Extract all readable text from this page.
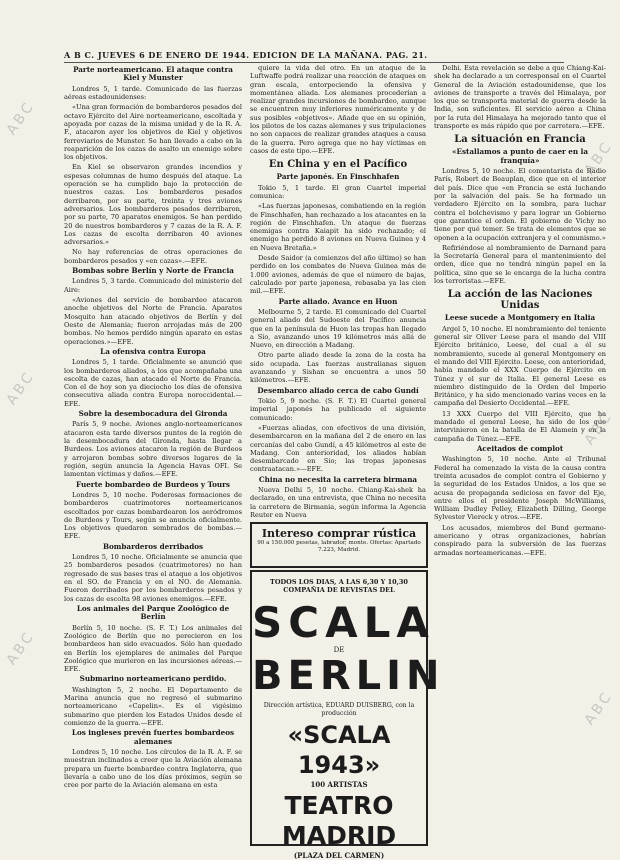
A B C. JUEVES 6 DE ENERO DE 1944. EDICION DE LA MAÑANA. PAG. 21.
Parte norteamericano. El ataque contra Kiel y Munster

Londres 5, 1 tarde. Comunicado de las fuerzas aéreas estadounidenses:

«Una gran formación de bombarderos pesados del octavo Ejército del Aire norteamericano, escoltada y apoyada por cazas de la misma unidad y de la R. A. F., atacaron ayer los objetivos de Kiel y objetivos ferroviarios de Munster. Se han llevado a cabo en la reaparición de los cazas de asalto un enemigo sobre los objetivos.

En Kiel se observaron grandes incendios y espesas columnas de humo después del ataque. La operación se ha cumplido bajo la protección de nuestros cazas. Los bombarderos pesados derribaron, por su parte, treinta y tres aviones adversarios. Los bombarderos pesados derribaron, por su parte, 70 aparatos enemigos. Se han perdido 20 de nuestros bombarderos y 7 cazas de la R. A. F. Los cazas de escolta derribaron 40 aviones adversarios.»

No hay referencias de otras operaciones de bombarderos pesados y «en cazas».—EFE.

Bombas sobre Berlín y Norte de Francia

Londres 5, 3 tarde. Comunicado del ministerio del Aire:

«Aviones del servicio de bombardeo atacaron anoche objetivos del Norte de Francia. Aparatos Mosquito han atacado objetivos de Berlín y del Oeste de Alemania; fueron arrojadas más de 200 bombas. No hemos perdido ningún aparato en estas operaciones.»—EFE.

La ofensiva contra Europa

Londres 5, 1 tarde. Oficialmente se anunció que los bombarderos aliados, a los que acompañaba una escolta de cazas, han atacado el Norte de Francia. Con el de hoy son ya dieciocho los días de ofensiva consecutiva aliada contra Europa noroccidental.—EFE.

Sobre la desembocadura del Gironda

París 5, 9 noche. Aviones anglo-norteamericanos atacaron esta tarde diversos puntos de la región de la desembocadura del Gironda, hasta llegar a Burdeos. Los aviones atacaron la región de Burdeos y arrojaron bombas sobre diversos lugares de la región, según anuncia la Agencia Havas OFI. Se lamentan víctimas y daños.—EFE.

Fuerte bombardeo de Burdeos y Tours

Londres 5, 10 noche. Poderosas formaciones de bombarderos cuatrimotores norteamericanos escoltados por cazas bombardearon los aeródromos de Burdeos y Tours, según se anuncia oficialmente. Los objetivos quedaron sembrados de bombas.—EFE.

Bombarderos derribados

Londres 5, 10 noche. Oficialmente se anuncia que 25 bombarderos pesados (cuatrimotores) no han regresado de sus bases tras el ataque a los objetivos en el SO. de Francia y en el NO. de Alemania. Fueron derribados por los bombarderos pesados y los cazas de escolta 98 aviones enemigos.—EFE.

Los animales del Parque Zoológico de Berlín

Berlín 5, 10 noche. (S. F. T.) Los animales del Zoológico de Berlín que no perecieron en los bombardeos han sido evacuados. Sólo han quedado en Berlín los ejemplares de animales del Parque Zoológico que murieron en las incursiones aéreas.—EFE.

Submarino norteamericano perdido.

Washington 5, 2 noche. El Departamento de Marina anuncia que no regresó el submarino norteamericano «Capelin». Es el vigésimo submarino que pierden los Estados Unidos desde el comienzo de la guerra.—EFE.

Los ingleses prevén fuertes bombardeos alemanes

Londres 5, 10 noche. Los círculos de la R. A. F. se muestran inclinados a creer que la Aviación alemana prepara un fuerte bombardeo contra Inglaterra, que llevaría a cabo uno de los días próximos, según se cree por parte de la Aviación alemana en esta

quiere la vida del otro. En un ataque de la Luftwaffe podrá realizar una reacción de ataques en gran escala, entorpeciendo la ofensiva y momentánea aliada. Los alemanes procederían a realizar grandes incursiones de bombardeo, aunque se encuentren muy inferiores numéricamente y de sus posibles «objetivos». Añade que en su opinión, los pilotos de los cazas alemanes y sus tripulaciones no son capaces de realizar grandes ataques a causa de la guerra. Pero agrega que no hay víctimas en casos de este tipo.—EFE.

En China y en el Pacífico
Parte japonés. En Finschhafen

Tokio 5, 1 tarde. El gran Cuartel imperial comunica:

«Las fuerzas japonesas, combatiendo en la región de Finschhafen, han rechazado a los atacantes en la región de Finschhafen. Un ataque de fuerzas enemigas contra Kaiapit ha sido rechazado; el enemigo ha perdido 8 aviones en Nueva Guinea y 4 en Nueva Bretaña.»

Desde Saidor (a comienzos del año último) se han perdido en los combates de Nueva Guinea más de 1.000 aviones, además de que el número de bajas, calculado por parte japonesa, rebasaba ya las cien mil.—EFE.

Parte aliado. Avance en Huon

Melbourne 5, 2 tarde. El comunicado del Cuartel general aliado del Sudoeste del Pacífico anuncia que en la península de Huon las tropas han llegado a Sio, avanzando unos 19 kilómetros más allá de Nuevo, en dirección a Madang.

Otro parte aliado desde la zona de la costa ha sido ocupada. Las fuerzas australianas siguen avanzando y Sishan se encuentra a unos 50 kilómetros.—EFE.

Desembarco aliado cerca de cabo Gundí

Tokio 5, 9 noche. (S. F. T.) El Cuartel general imperial japonés ha publicado el siguiente comunicado:

«Fuerzas aliadas, con efectivos de una división, desembarcaron en la mañana del 2 de enero en las cercanías del cabo Gundí, a 45 kilómetros al este de Madang. Con anterioridad, los aliados habían desembarcado en Sio; las tropas japonesas contraatacan.»—EFE.

China no necesita la carretera birmana

Nueva Delhi 5, 10 noche. Chiang-Kai-shek ha declarado, en una entrevista, que China no necesita la carretera de Birmania, según informa la Agencia Reuter en Nueva

Delhi. Esta revelación se debe a que Chiang-Kai-shek ha declarado a un corresponsal en el Cuartel General de la Aviación estadounidense, que los aviones de transporte a través del Himalaya, por los que se transporta material de guerra desde la India, son suficientes. El servicio aéreo a China por la ruta del Himalaya ha mejorado tanto que el transporte es más rápido que por carretera.—EFE.

La situación en Francia
«Estallamos a punto de caer en la franquía»

Londres 5, 10 noche. El comentarista de Radio París, Robert de Beauplan, dice que en el interior del país. Dice que «en Francia se está luchando por la salvación del país. Se ha formado un verdadero Ejército en la sombra, para luchar contra el bolchevismo y para lograr un Gobierno que garantice el orden. El gobierno de Vichy no tiene por qué temer. Se trata de elementos que se oponen a la ocupación extranjera y el comunismo.»

Refiriéndose al nombramiento de Darnand para la Secretaría General para el mantenimiento del orden, dice que no tendrá ningún papel en la política, sino que se le encarga de la lucha contra los terroristas.—EFE.

La acción de las Naciones Unidas
Leese sucede a Montgomery en Italia

Argel 5, 10 noche. El nombramiento del teniente general sir Oliver Leese para el mando del VIII Ejército británico, Leese, del cual a él su nombramiento, sucede al general Montgomery en el mando del VIII Ejército. Leese, con anterioridad, había mandado el XXX Cuerpo de Ejército en Túnez y el sur de Italia. El general Leese es miembro distinguido de la Orden del Imperio Británico, y ha sido mencionado varias veces en la campaña del Desierto Occidental.—EFE.

13 XXX Cuerpo del VIII Ejército, que ha mandado el general Leese, ha sido de los que intervinieron en la batalla de El Alamein y en la campaña de Túnez.—EFE.

Aceitados de complot

Washington 5, 10 noche. Ante el Tribunal Federal ha comenzado la vista de la causa contra treinta acusados de complot contra el Gobierno y la seguridad de los Estados Unidos, a los que se acusa de propaganda sediciosa en favor del Eje, entre ellos el presidente Joseph McWilliams, William Dudley Pelley, Elizabeth Dilling, George Sylvester Viereck y otros.—EFE.

Los acusados, miembros del Bund germano-americano y otras organizaciones, habrían conspirado para la subversión de las fuerzas armadas norteamericanas.—EFE.

Intereso comprar rústica
90 a 150.000 pesetas, labrador, monte. Ofertas: Apartado 7.223, Madrid.
TODOS LOS DIAS, A LAS 6,30 Y 10,30
COMPAÑIA DE REVISTAS DEL
SCALA
DE
BERLIN
Dirección artística, EDUARD DUISBERG, con la producción
«SCALA 1943»
100 ARTISTAS
TEATRO MADRID
(PLAZA DEL CARMEN)
ABC
ABC
ABC
ABC
ABC
ABC
